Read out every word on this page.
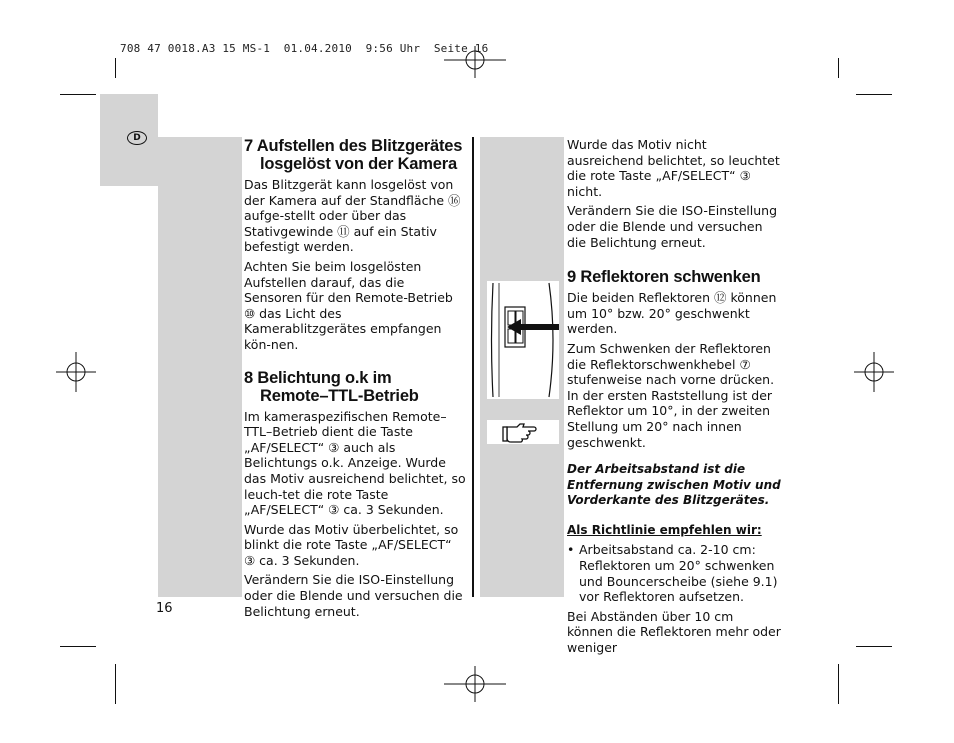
708 47 0018.A3 15 MS-1  01.04.2010  9:56 Uhr  Seite 16
D	7 Aufstellen des Blitzgerätes
losgelöst von der Kamera

Das Blitzgerät kann losgelöst von der Kamera auf der Standfläche ⑯ aufge-stellt oder über das Stativgewinde ⑪ auf ein Stativ befestigt werden.

Achten Sie beim losgelösten Aufstellen darauf, das die Sensoren für den Remote-Betrieb ⑩ das Licht des Kamerablitzgerätes empfangen kön-nen.

8 Belichtung o.k im
Remote–TTL-Betrieb

Im kameraspezifischen Remote–TTL–Betrieb dient die Taste „AF/SELECT“ ③ auch als Belichtungs o.k. Anzeige. Wurde das Motiv ausreichend belichtet, so leuch-tet die rote Taste „AF/SELECT“ ③ ca. 3 Sekunden.

Wurde das Motiv überbelichtet, so blinkt die rote Taste „AF/SELECT“ ③ ca. 3 Sekunden.

Verändern Sie die ISO-Einstellung oder die Blende und versuchen die Belichtung erneut.

Wurde das Motiv nicht ausreichend belichtet, so leuchtet die rote Taste „AF/SELECT“ ③ nicht.

Verändern Sie die ISO-Einstellung oder die Blende und versuchen die Belichtung erneut.

9 Reflektoren schwenken

Die beiden Reflektoren ⑫ können um 10° bzw. 20° geschwenkt werden.

Zum Schwenken der Reflektoren die Reflektorschwenkhebel ⑦ stufenweise nach vorne drücken. In der ersten Raststellung ist der Reflektor um 10°, in der zweiten Stellung um 20° nach innen geschwenkt.

Der Arbeitsabstand ist die Entfernung zwischen Motiv und Vorderkante des Blitzgerätes.

Als Richtlinie empfehlen wir:

• Arbeitsabstand ca. 2-10 cm: Reflektoren um 20° schwenken und Bouncerscheibe (siehe 9.1) vor Reflektoren aufsetzen.

Bei Abständen über 10 cm können die Reflektoren mehr oder weniger

16
